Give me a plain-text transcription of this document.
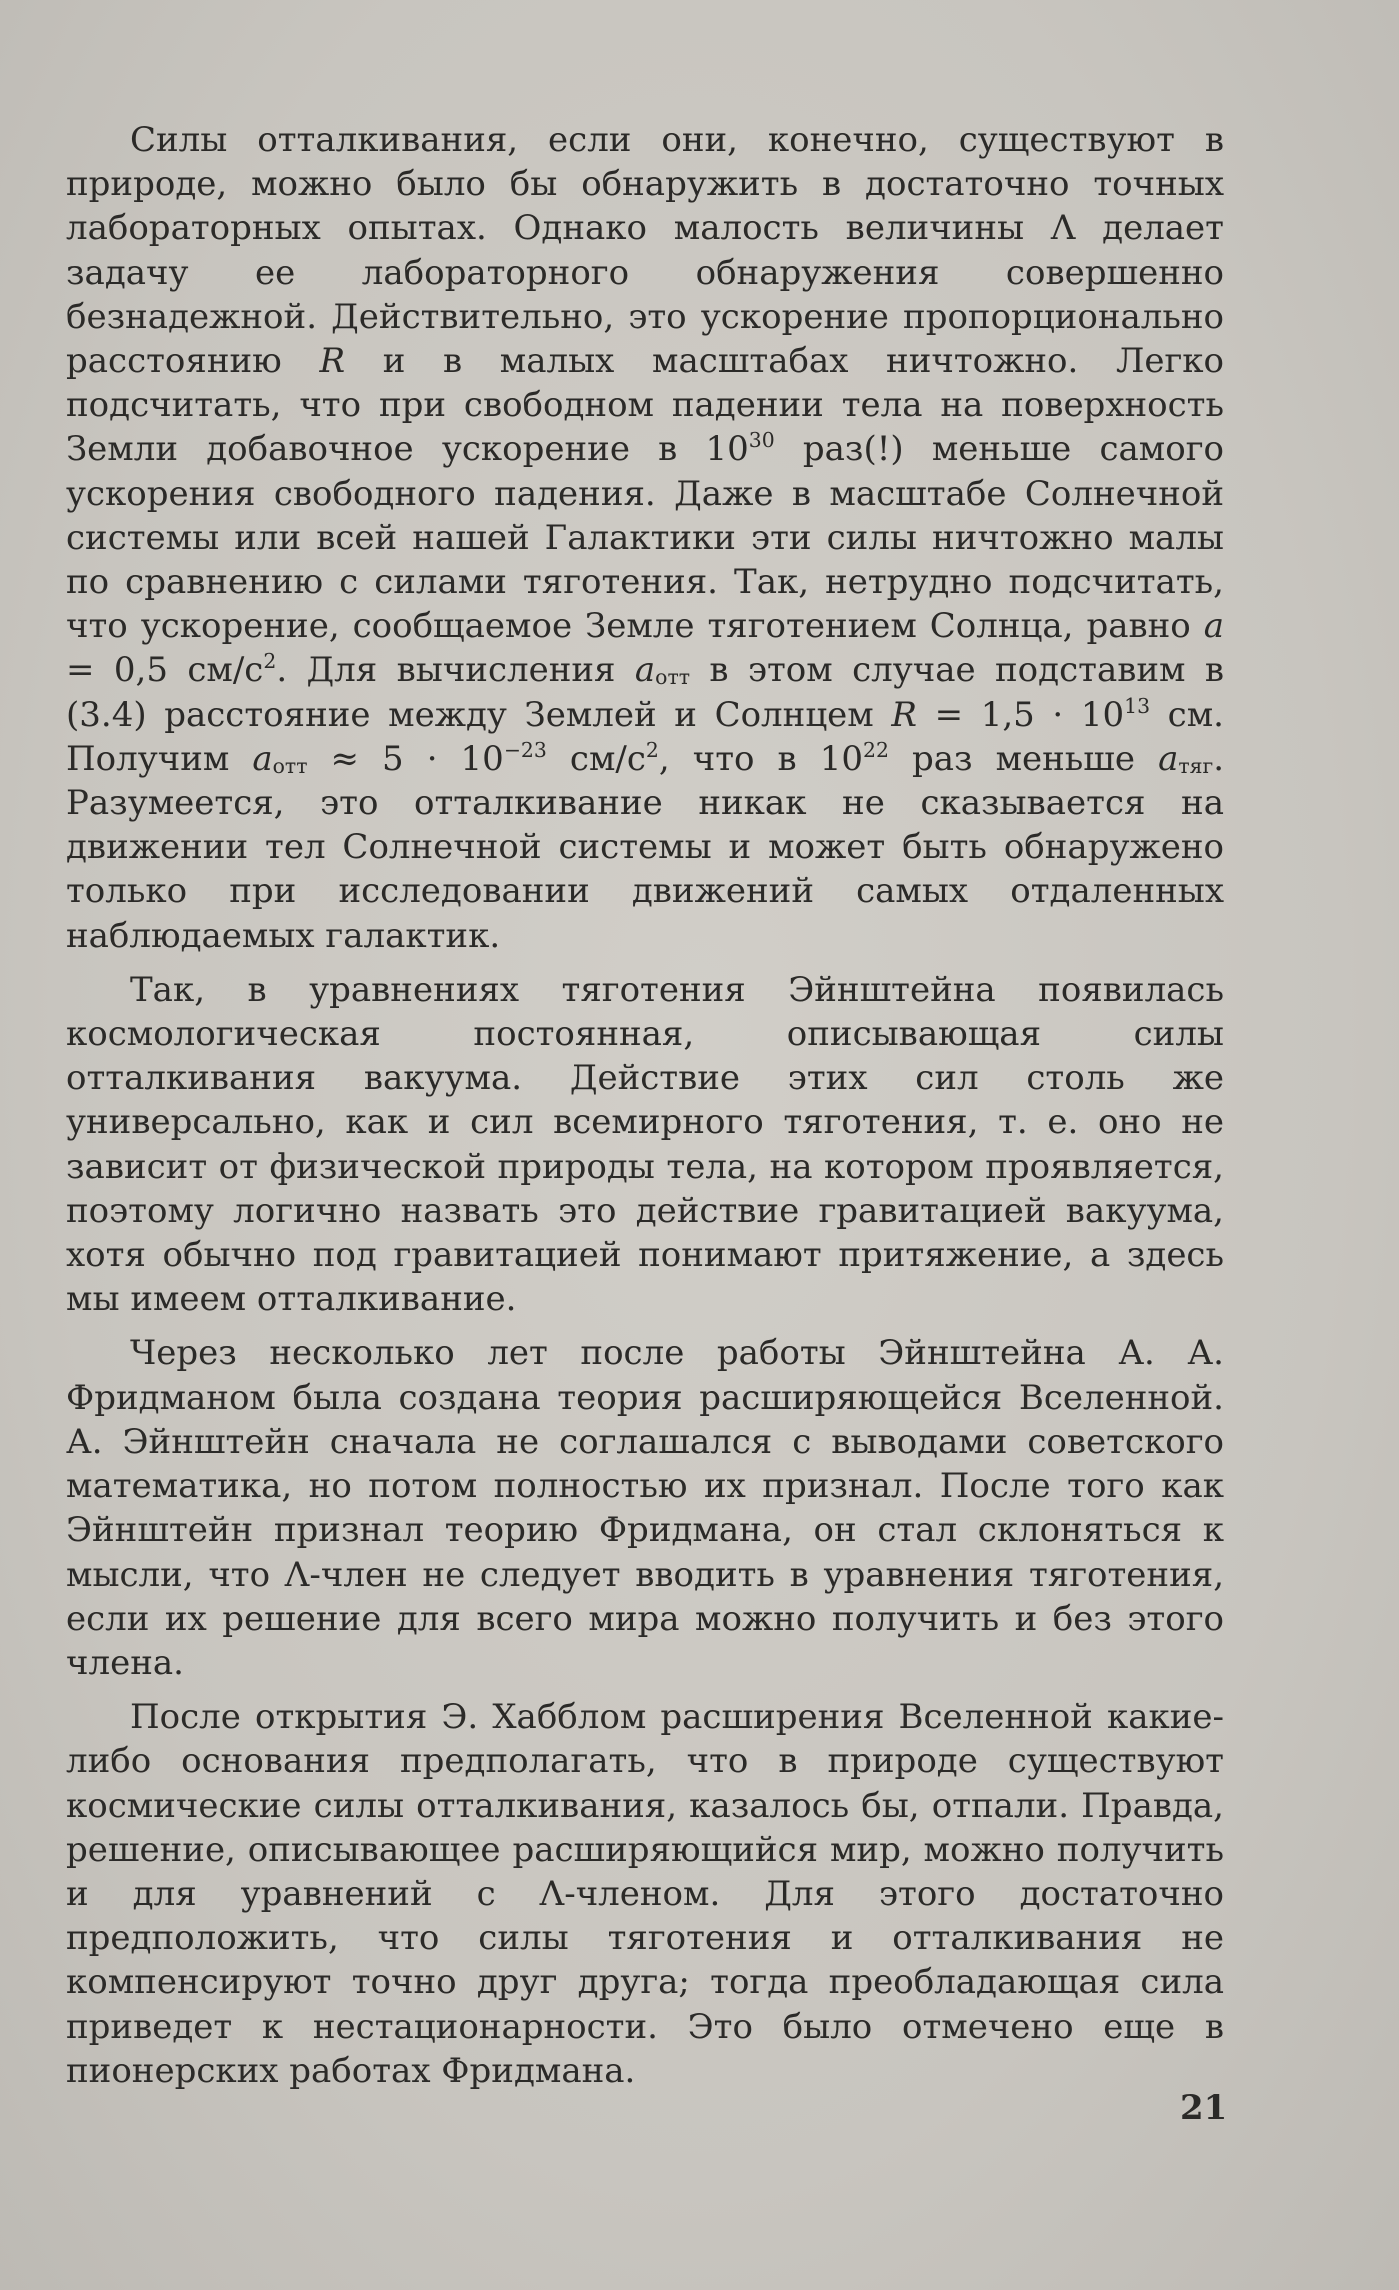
Силы отталкивания, если они, конечно, существуют в природе, можно было бы обнаружить в достаточно точных лабораторных опытах. Однако малость величины Λ делает задачу ее лабораторного обнаружения совершенно безнадежной. Действительно, это ускорение пропорционально расстоянию R и в малых масштабах ничтожно. Легко подсчитать, что при свободном падении тела на поверхность Земли добавочное ускорение в $10^{30}$ раз(!) меньше самого ускорения свободного падения. Даже в масштабе Солнечной системы или всей нашей Галактики эти силы ничтожно малы по сравнению с силами тяготения. Так, нетрудно подсчитать, что ускорение, сообщаемое Земле тяготением Солнца, равно a = 0,5 $см/с^2$. Для вычисления $a_{отт}$ в этом случае подставим в (3.4) расстояние между Землей и Солнцем $R = 1,5 \cdot 10^{13}$ см. Получим $a_{отт} \approx 5 \cdot 10^{-23}$ $см/с^2$, что в $10^{22}$ раз меньше $a_{тяг}$. Разумеется, это отталкивание никак не сказывается на движении тел Солнечной системы и может быть обнаружено только при исследовании движений самых отдаленных наблюдаемых галактик.

Так, в уравнениях тяготения Эйнштейна появилась космологическая постоянная, описывающая силы отталкивания вакуума. Действие этих сил столь же универсально, как и сил всемирного тяготения, т. е. оно не зависит от физической природы тела, на котором проявляется, поэтому логично назвать это действие гравитацией вакуума, хотя обычно под гравитацией понимают притяжение, а здесь мы имеем отталкивание.

Через несколько лет после работы Эйнштейна А. А. Фридманом была создана теория расширяющейся Вселенной. А. Эйнштейн сначала не соглашался с выводами советского математика, но потом полностью их признал. После того как Эйнштейн признал теорию Фридмана, он стал склоняться к мысли, что Λ-член не следует вводить в уравнения тяготения, если их решение для всего мира можно получить и без этого члена.

После открытия Э. Хабблом расширения Вселенной какие-либо основания предполагать, что в природе существуют космические силы отталкивания, казалось бы, отпали. Правда, решение, описывающее расширяющийся мир, можно получить и для уравнений с Λ-членом. Для этого достаточно предположить, что силы тяготения и отталкивания не компенсируют точно друг друга; тогда преобладающая сила приведет к нестационарности. Это было отмечено еще в пионерских работах Фридмана.

21
